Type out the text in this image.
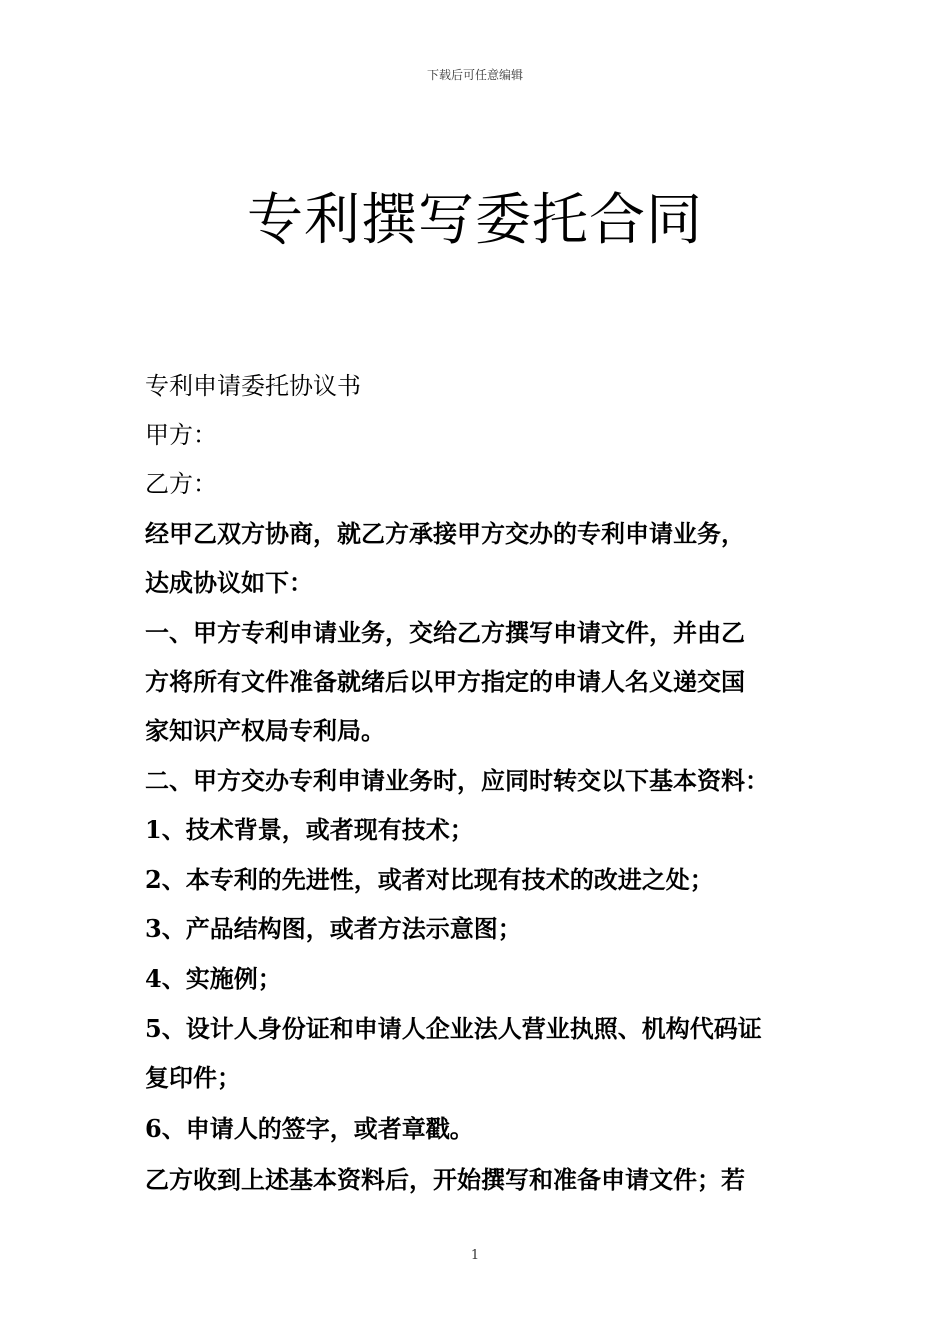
下载后可任意编辑
专利撰写委托合同
专利申请委托协议书
甲方：
乙方：
经甲乙双方协商，就乙方承接甲方交办的专利申请业务，
达成协议如下：
一、甲方专利申请业务，交给乙方撰写申请文件，并由乙
方将所有文件准备就绪后以甲方指定的申请人名义递交国
家知识产权局专利局。
二、甲方交办专利申请业务时，应同时转交以下基本资料：
1、技术背景，或者现有技术；
2、本专利的先进性，或者对比现有技术的改进之处；
3、产品结构图，或者方法示意图；
4、实施例；
5、设计人身份证和申请人企业法人营业执照、机构代码证
复印件；
6、申请人的签字，或者章戳。
乙方收到上述基本资料后，开始撰写和准备申请文件；若
1
